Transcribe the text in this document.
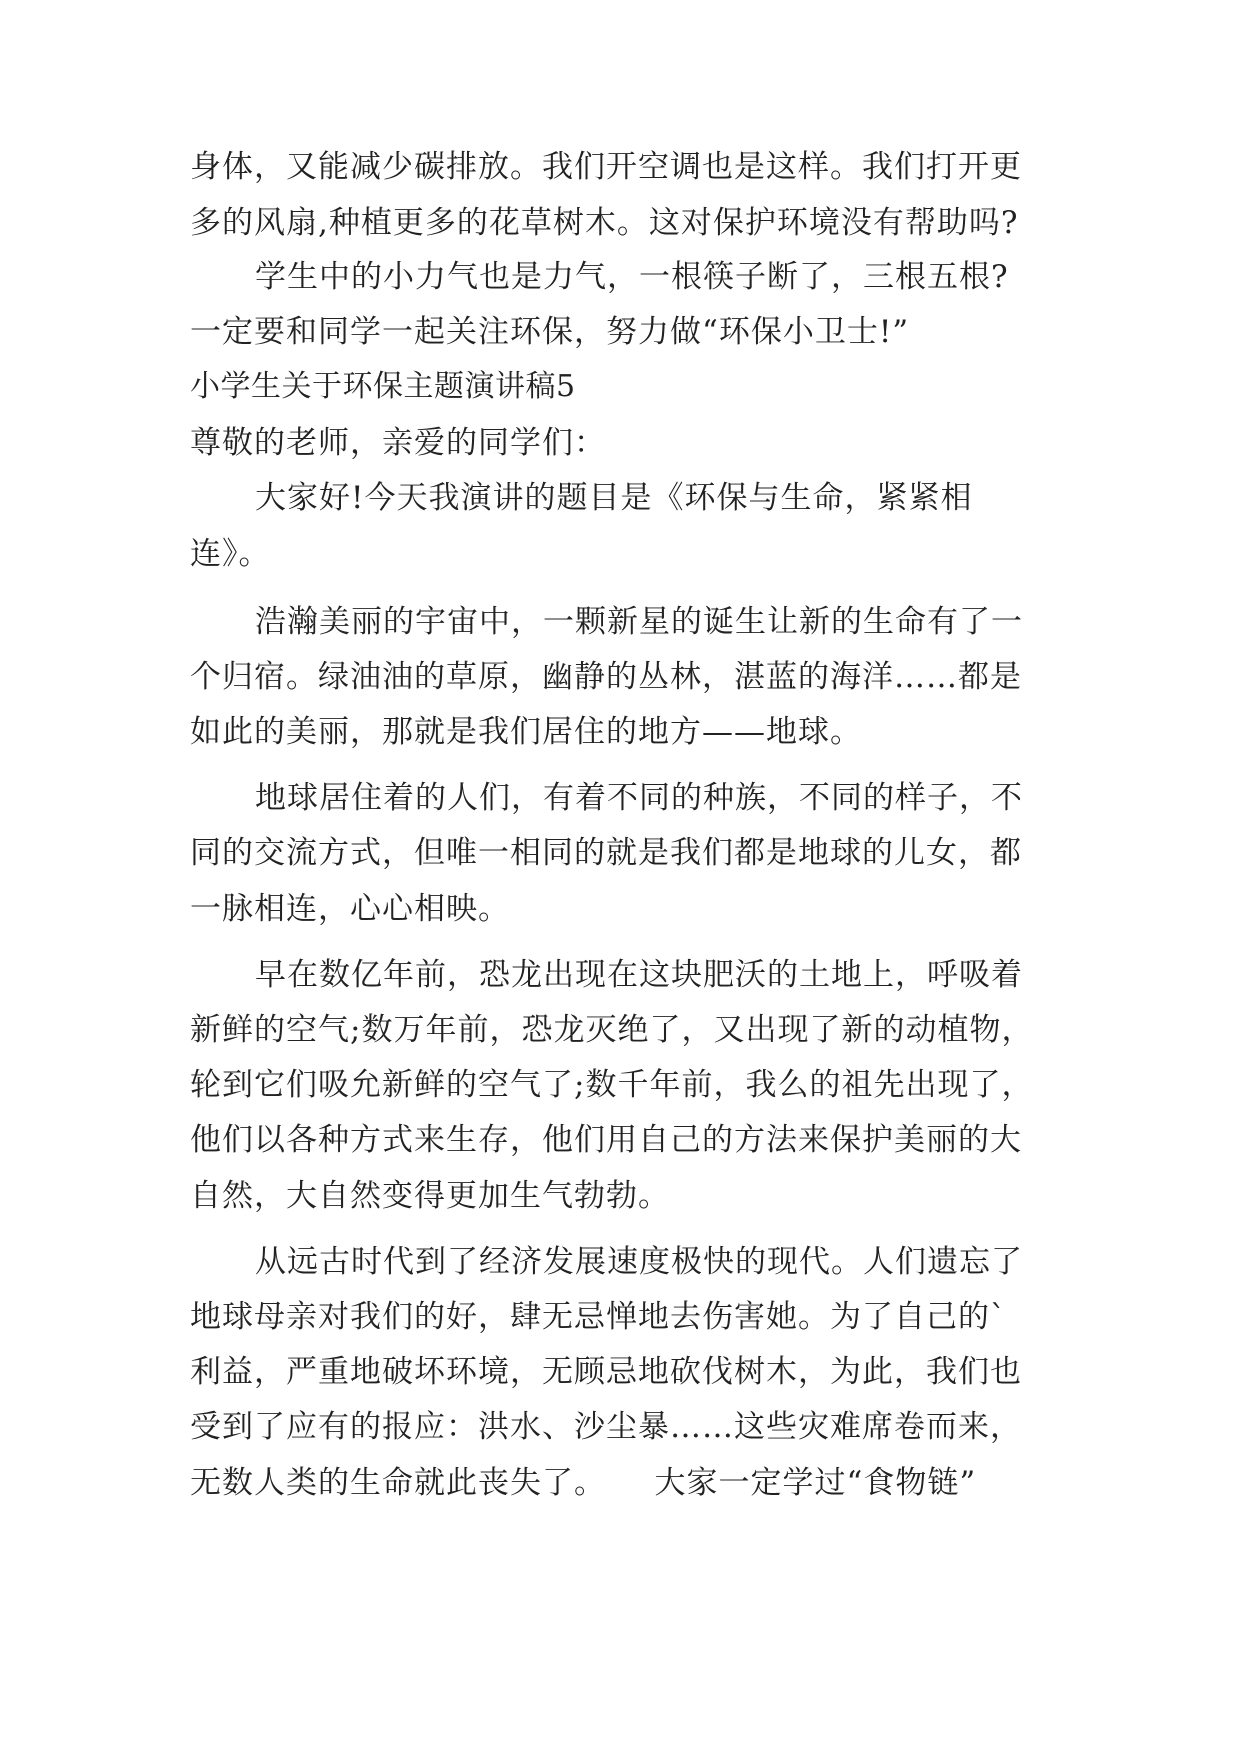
身体，又能减少碳排放。我们开空调也是这样。我们打开更
多的风扇,种植更多的花草树木。这对保护环境没有帮助吗?
学生中的小力气也是力气，一根筷子断了，三根五根?
一定要和同学一起关注环保，努力做“环保小卫士!”
小学生关于环保主题演讲稿5
尊敬的老师，亲爱的同学们：
大家好!今天我演讲的题目是《环保与生命，紧紧相
连》。
浩瀚美丽的宇宙中，一颗新星的诞生让新的生命有了一
个归宿。绿油油的草原，幽静的丛林，湛蓝的海洋……都是
如此的美丽，那就是我们居住的地方——地球。
地球居住着的人们，有着不同的种族，不同的样子，不
同的交流方式，但唯一相同的就是我们都是地球的儿女，都
一脉相连，心心相映。
早在数亿年前，恐龙出现在这块肥沃的土地上，呼吸着
新鲜的空气;数万年前，恐龙灭绝了，又出现了新的动植物，
轮到它们吸允新鲜的空气了;数千年前，我么的祖先出现了，
他们以各种方式来生存，他们用自己的方法来保护美丽的大
自然，大自然变得更加生气勃勃。
从远古时代到了经济发展速度极快的现代。人们遗忘了
地球母亲对我们的好，肆无忌惮地去伤害她。为了自己的`
利益，严重地破坏环境，无顾忌地砍伐树木，为此，我们也
受到了应有的报应：洪水、沙尘暴……这些灾难席卷而来，
无数人类的生命就此丧失了。　　大家一定学过“食物链”
